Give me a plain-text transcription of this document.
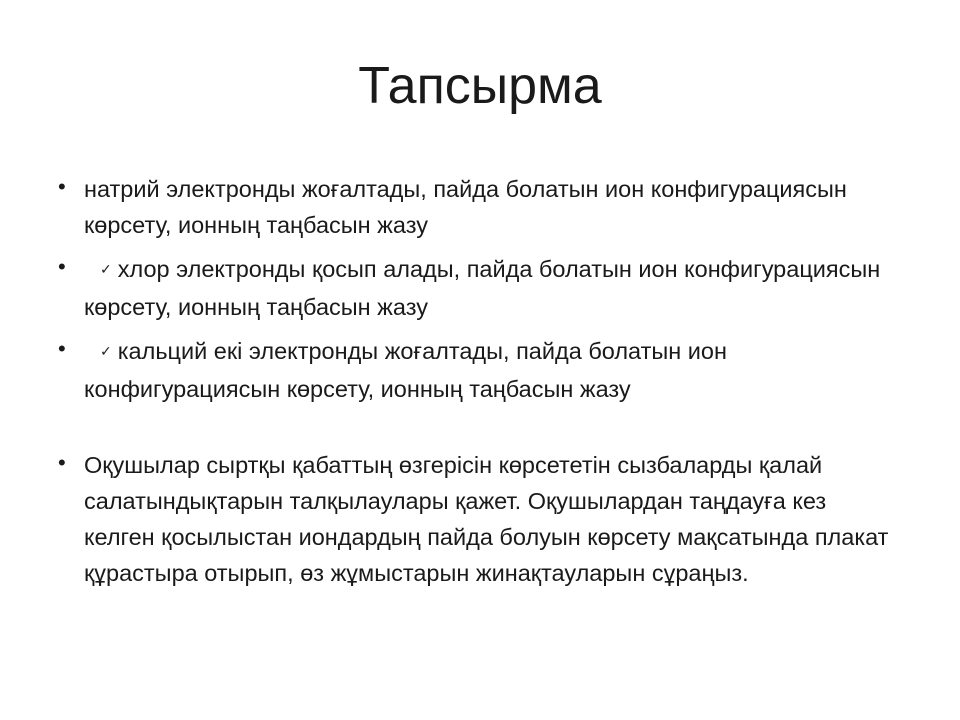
Тапсырма
• натрий электронды жоғалтады, пайда болатын ион конфигурациясын көрсету, ионның таңбасын жазу
• ✓ хлор электронды қосып алады, пайда болатын ион конфигурациясын көрсету, ионның таңбасын жазу
• ✓ кальций екі электронды жоғалтады, пайда болатын ион конфигурациясын көрсету, ионның таңбасын жазу
• Оқушылар сыртқы қабаттың өзгерісін көрсететін сызбаларды қалай салатындықтарын талқылаулары қажет. Оқушылардан таңдауға кез келген қосылыстан иондардың пайда болуын көрсету мақсатында плакат құрастыра отырып, өз жұмыстарын жинақтауларын сұраңыз.
